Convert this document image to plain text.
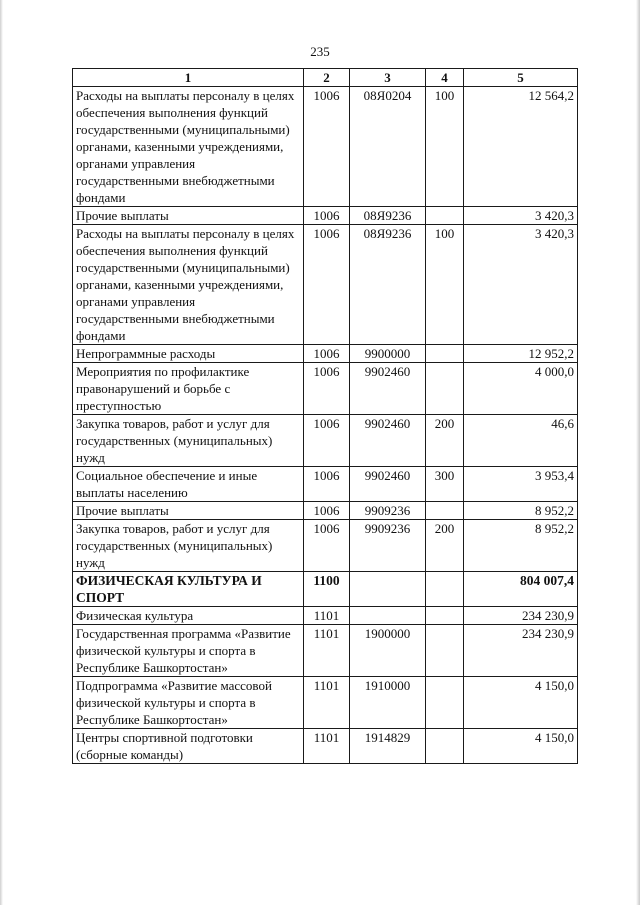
235
1	2	3	4	5
Расходы на выплаты персоналу в целях обеспечения выполнения функций государственными (муниципальными) органами, казенными учреждениями, органами управления государственными внебюджетными фондами	1006	08Я0204	100	12 564,2
Прочие выплаты	1006	08Я9236		3 420,3
Расходы на выплаты персоналу в целях обеспечения выполнения функций государственными (муниципальными) органами, казенными учреждениями, органами управления государственными внебюджетными фондами	1006	08Я9236	100	3 420,3
Непрограммные расходы	1006	9900000		12 952,2
Мероприятия по профилактике правонарушений и борьбе с преступностью	1006	9902460		4 000,0
Закупка товаров, работ и услуг для государственных (муниципальных) нужд	1006	9902460	200	46,6
Социальное обеспечение и иные выплаты населению	1006	9902460	300	3 953,4
Прочие выплаты	1006	9909236		8 952,2
Закупка товаров, работ и услуг для государственных (муниципальных) нужд	1006	9909236	200	8 952,2
ФИЗИЧЕСКАЯ КУЛЬТУРА И СПОРТ	1100			804 007,4
Физическая культура	1101			234 230,9
Государственная программа «Развитие физической культуры и спорта в Республике Башкортостан»	1101	1900000		234 230,9
Подпрограмма «Развитие массовой физической культуры и спорта в Республике Башкортостан»	1101	1910000		4 150,0
Центры спортивной подготовки (сборные команды)	1101	1914829		4 150,0
